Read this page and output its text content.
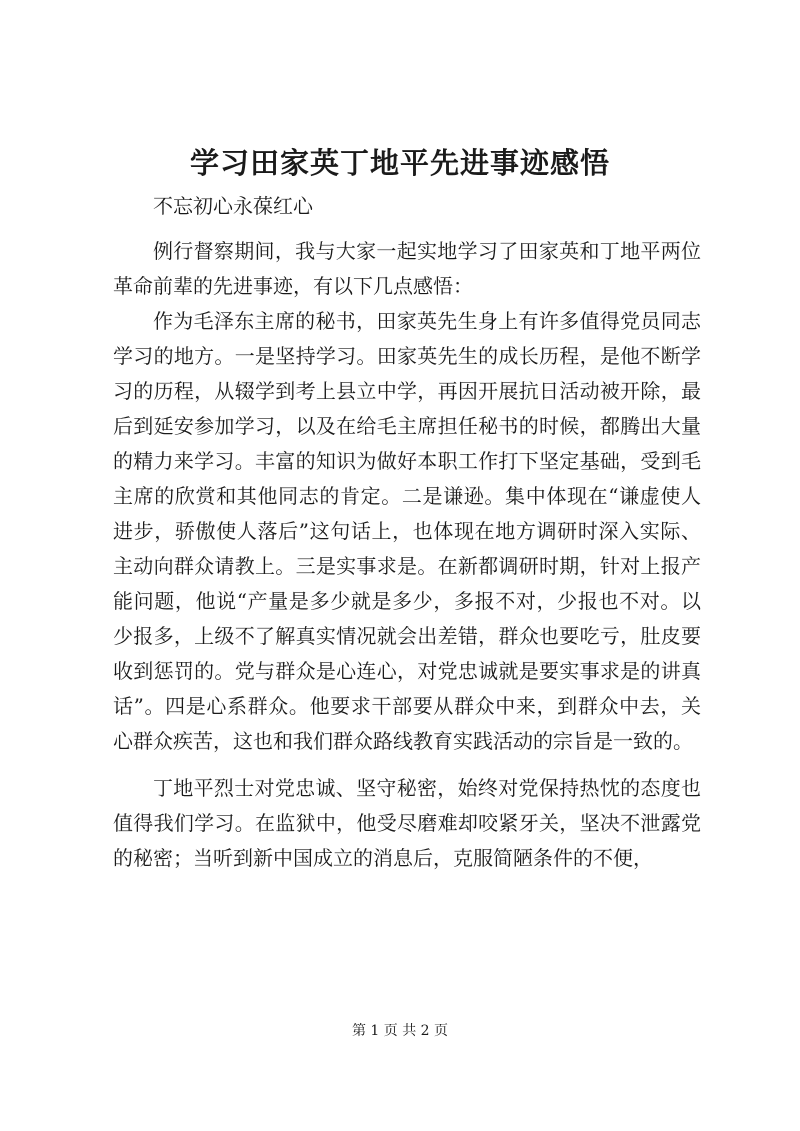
学习田家英丁地平先进事迹感悟

不忘初心永葆红心

例行督察期间，我与大家一起实地学习了田家英和丁地平两位革命前辈的先进事迹，有以下几点感悟：

作为毛泽东主席的秘书，田家英先生身上有许多值得党员同志学习的地方。一是坚持学习。田家英先生的成长历程，是他不断学习的历程，从辍学到考上县立中学，再因开展抗日活动被开除，最后到延安参加学习，以及在给毛主席担任秘书的时候，都腾出大量的精力来学习。丰富的知识为做好本职工作打下坚定基础，受到毛主席的欣赏和其他同志的肯定。二是谦逊。集中体现在“谦虚使人进步，骄傲使人落后”这句话上，也体现在地方调研时深入实际、主动向群众请教上。三是实事求是。在新都调研时期，针对上报产能问题，他说“产量是多少就是多少，多报不对，少报也不对。以少报多，上级不了解真实情况就会出差错，群众也要吃亏，肚皮要收到惩罚的。党与群众是心连心，对党忠诚就是要实事求是的讲真话”。四是心系群众。他要求干部要从群众中来，到群众中去，关心群众疾苦，这也和我们群众路线教育实践活动的宗旨是一致的。

丁地平烈士对党忠诚、坚守秘密，始终对党保持热忱的态度也值得我们学习。在监狱中，他受尽磨难却咬紧牙关，坚决不泄露党的秘密；当听到新中国成立的消息后，克服简陋条件的不便，

第 1 页 共 2 页
